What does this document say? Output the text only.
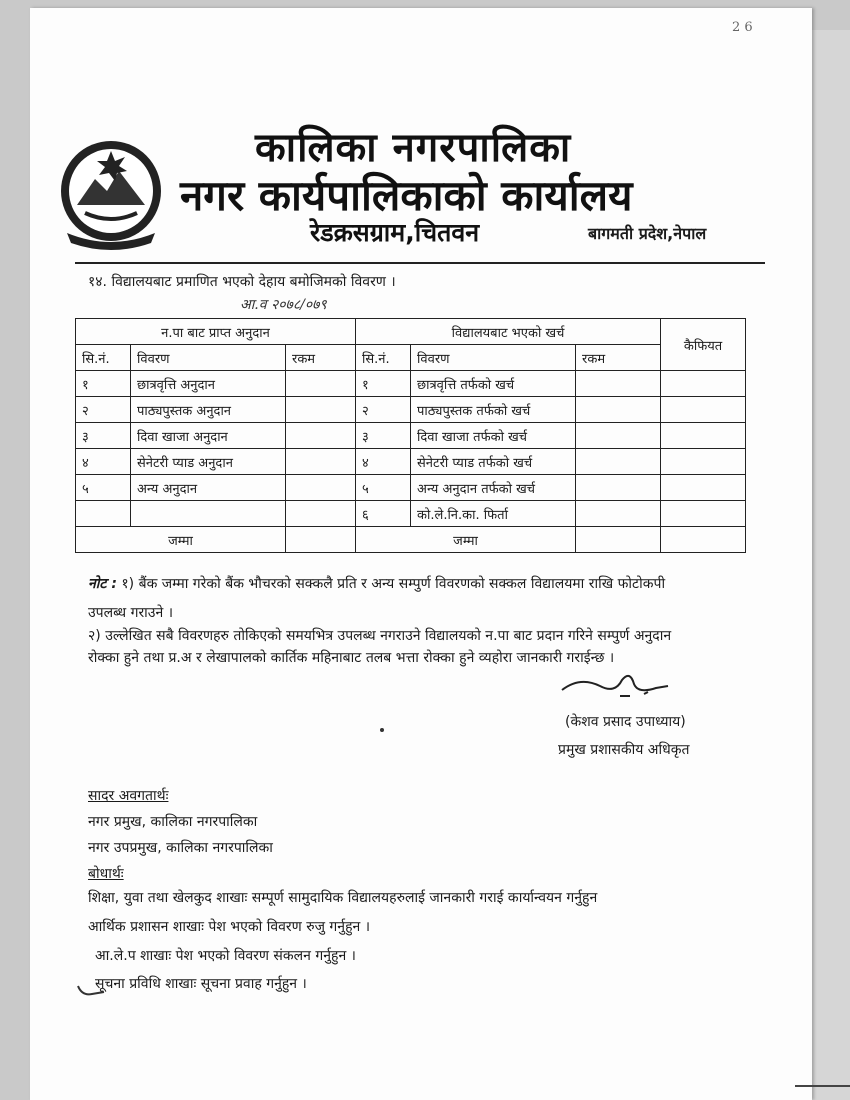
2 6
कालिका नगरपालिका
नगर कार्यपालिकाको कार्यालय
रेडक्रसग्राम,चितवन	बागमती प्रदेश,नेपाल
१४. विद्यालयबाट प्रमाणित भएको देहाय बमोजिमको विवरण ।
आ.व २०७८/०७९
न.पा बाट प्राप्त अनुदान			विद्यालयबाट भएको खर्च			कैफियत
सि.नं.	विवरण	रकम	सि.नं.	विवरण	रकम	
१	छात्रवृत्ति अनुदान		१	छात्रवृत्ति तर्फको खर्च		
२	पाठ्यपुस्तक अनुदान		२	पाठ्यपुस्तक तर्फको खर्च		
३	दिवा खाजा अनुदान		३	दिवा खाजा तर्फको खर्च		
४	सेनेटरी प्याड अनुदान		४	सेनेटरी प्याड तर्फको खर्च		
५	अन्य अनुदान		५	अन्य अनुदान तर्फको खर्च		
			६	को.ले.नि.का. फिर्ता		
जम्मा			जम्मा			
नोट : १) बैंक जम्मा गरेको बैंक भौचरको सक्कलै प्रति र अन्य सम्पुर्ण विवरणको सक्कल विद्यालयमा राखि फोटोकपी
उपलब्ध गराउने ।
२) उल्लेखित सबै विवरणहरु तोकिएको समयभित्र उपलब्ध नगराउने विद्यालयको न.पा बाट प्रदान गरिने सम्पुर्ण अनुदान
रोक्का हुने तथा प्र.अ र लेखापालको कार्तिक महिनाबाट तलब भत्ता रोक्का हुने व्यहोरा जानकारी गराईन्छ ।
(केशव प्रसाद उपाध्याय)
प्रमुख प्रशासकीय अधिकृत
सादर अवगतार्थः
नगर प्रमुख, कालिका नगरपालिका
नगर उपप्रमुख, कालिका नगरपालिका
बोधार्थः
शिक्षा, युवा तथा खेलकुद शाखाः सम्पूर्ण सामुदायिक विद्यालयहरुलाई जानकारी गराई कार्यान्वयन गर्नुहुन
आर्थिक प्रशासन शाखाः पेश भएको विवरण रुजु गर्नुहुन ।
आ.ले.प शाखाः पेश भएको विवरण संकलन गर्नुहुन ।
सूचना प्रविधि शाखाः सूचना प्रवाह गर्नुहुन ।
